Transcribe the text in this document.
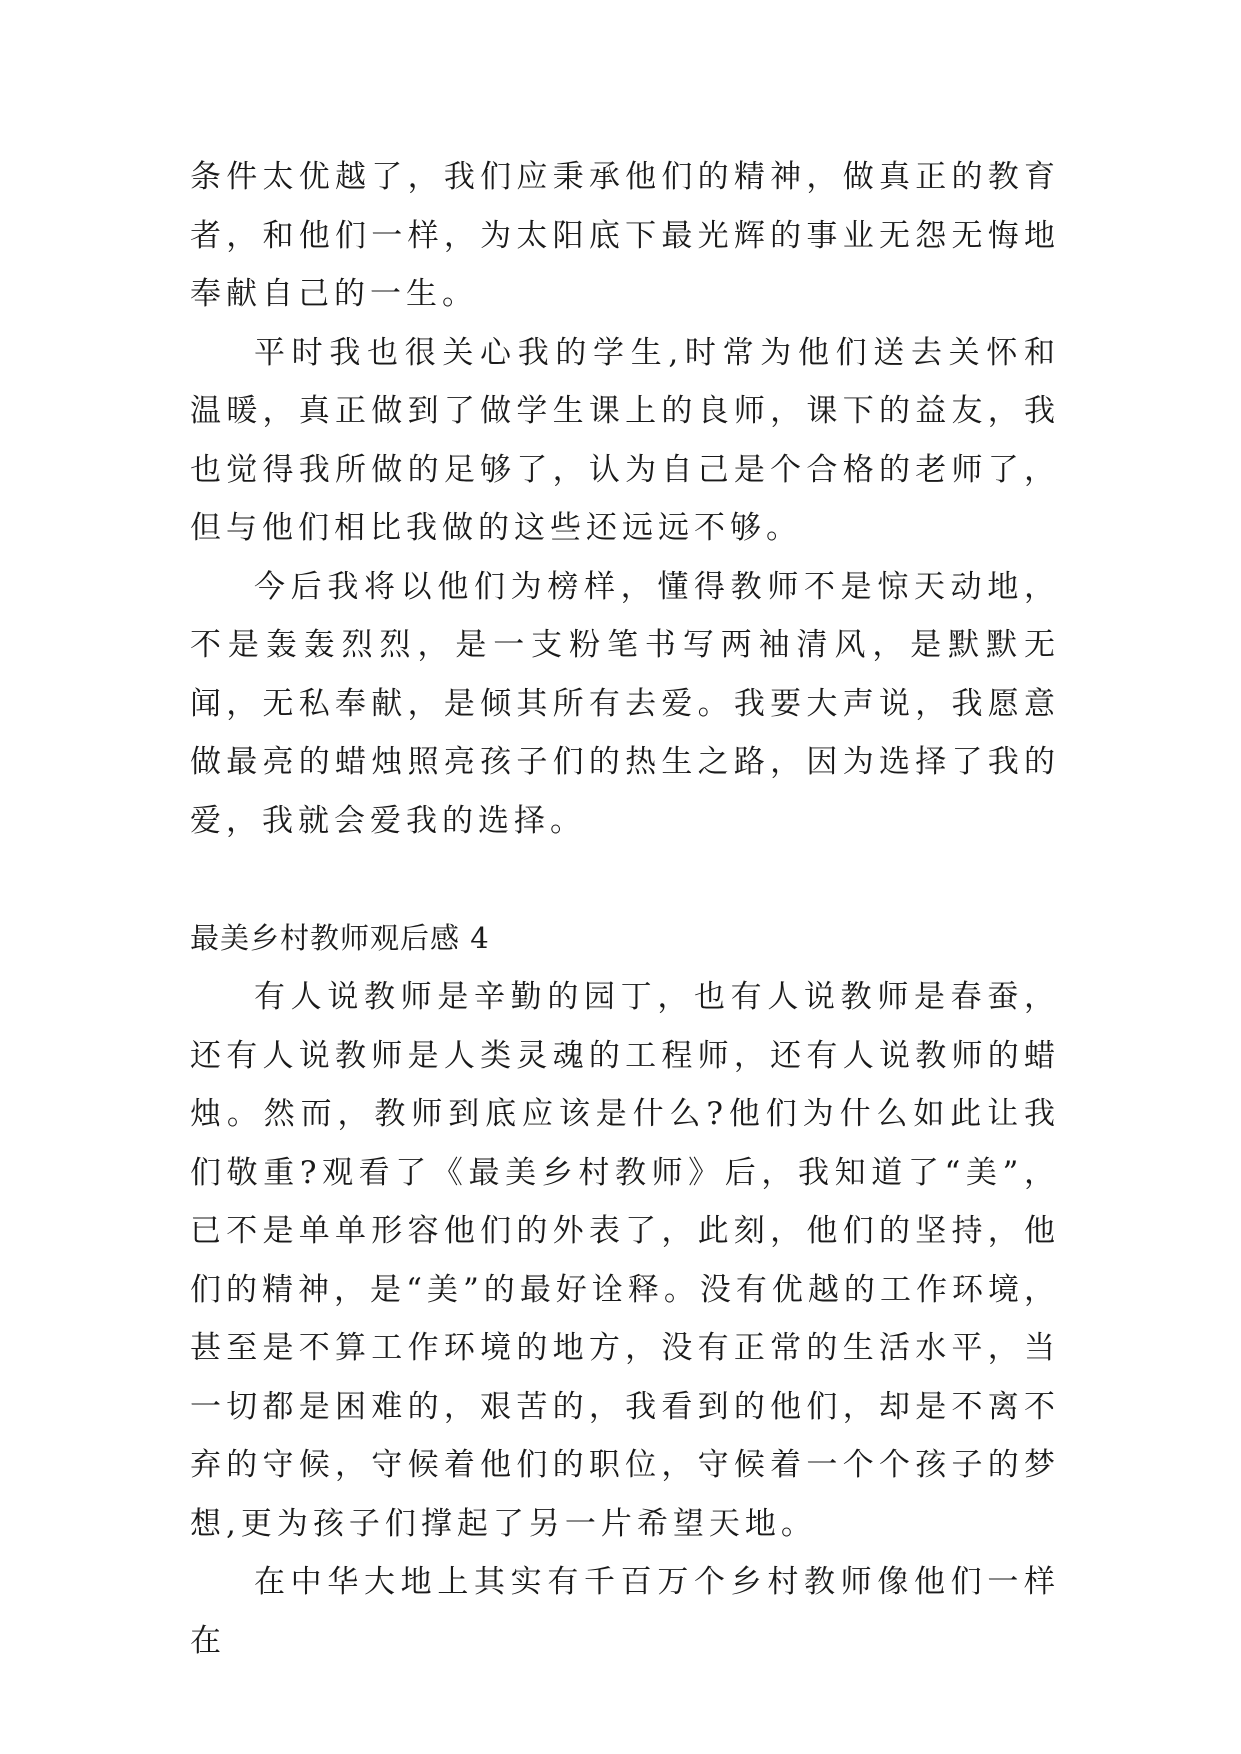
条件太优越了，我们应秉承他们的精神，做真正的教育者，和他们一样，为太阳底下最光辉的事业无怨无悔地奉献自己的一生。

平时我也很关心我的学生,时常为他们送去关怀和温暖，真正做到了做学生课上的良师，课下的益友，我也觉得我所做的足够了，认为自己是个合格的老师了，但与他们相比我做的这些还远远不够。

今后我将以他们为榜样，懂得教师不是惊天动地，不是轰轰烈烈，是一支粉笔书写两袖清风，是默默无闻，无私奉献，是倾其所有去爱。我要大声说，我愿意做最亮的蜡烛照亮孩子们的热生之路，因为选择了我的爱，我就会爱我的选择。

最美乡村教师观后感 4

有人说教师是辛勤的园丁，也有人说教师是春蚕，还有人说教师是人类灵魂的工程师，还有人说教师的蜡烛。然而，教师到底应该是什么?他们为什么如此让我们敬重?观看了《最美乡村教师》后，我知道了“美”，已不是单单形容他们的外表了，此刻，他们的坚持，他们的精神，是“美”的最好诠释。没有优越的工作环境，甚至是不算工作环境的地方，没有正常的生活水平，当一切都是困难的，艰苦的，我看到的他们，却是不离不弃的守候，守候着他们的职位，守候着一个个孩子的梦想,更为孩子们撑起了另一片希望天地。

在中华大地上其实有千百万个乡村教师像他们一样在
